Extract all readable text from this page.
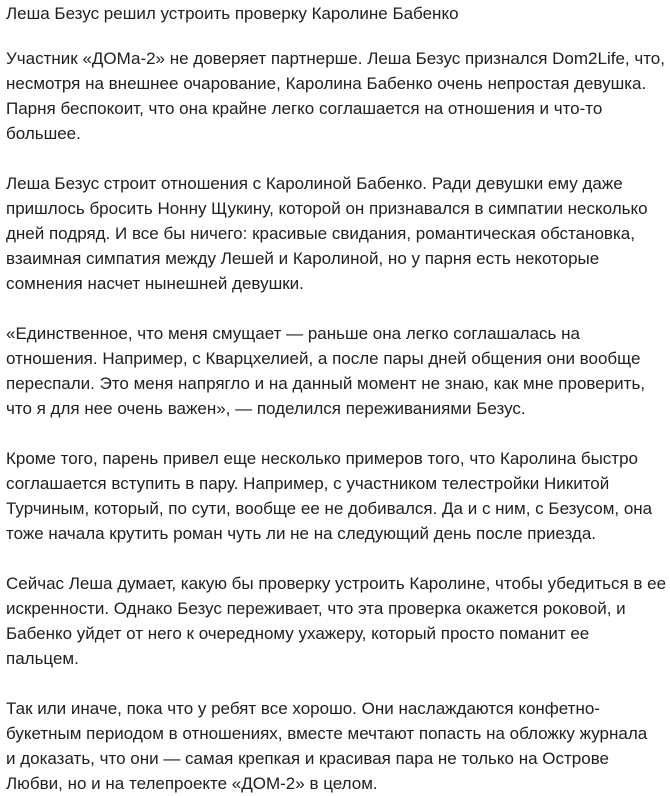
Леша Безус решил устроить проверку Каролине Бабенко

Участник «ДОМа-2» не доверяет партнерше. Леша Безус признался Dom2Life, что,
несмотря на внешнее очарование, Каролина Бабенко очень непростая девушка.
Парня беспокоит, что она крайне легко соглашается на отношения и что-то
большее.

Леша Безус строит отношения с Каролиной Бабенко. Ради девушки ему даже
пришлось бросить Нонну Щукину, которой он признавался в симпатии несколько
дней подряд. И все бы ничего: красивые свидания, романтическая обстановка,
взаимная симпатия между Лешей и Каролиной, но у парня есть некоторые
сомнения насчет нынешней девушки.

«Единственное, что меня смущает — раньше она легко соглашалась на
отношения. Например, с Кварцхелией, а после пары дней общения они вообще
переспали. Это меня напрягло и на данный момент не знаю, как мне проверить,
что я для нее очень важен», — поделился переживаниями Безус.

Кроме того, парень привел еще несколько примеров того, что Каролина быстро
соглашается вступить в пару. Например, с участником телестройки Никитой
Турчиным, который, по сути, вообще ее не добивался. Да и с ним, с Безусом, она
тоже начала крутить роман чуть ли не на следующий день после приезда.

Сейчас Леша думает, какую бы проверку устроить Каролине, чтобы убедиться в ее
искренности. Однако Безус переживает, что эта проверка окажется роковой, и
Бабенко уйдет от него к очередному ухажеру, который просто поманит ее
пальцем.

Так или иначе, пока что у ребят все хорошо. Они наслаждаются конфетно-
букетным периодом в отношениях, вместе мечтают попасть на обложку журнала
и доказать, что они — самая крепкая и красивая пара не только на Острове
Любви, но и на телепроекте «ДОМ-2» в целом.
